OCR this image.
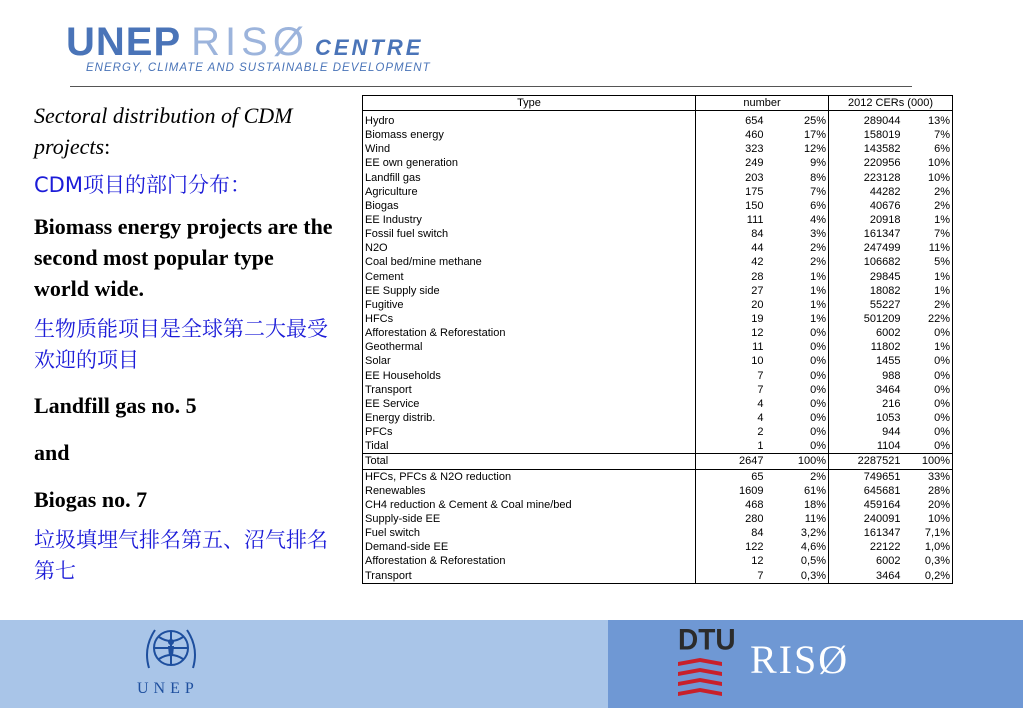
UNEP RISØ CENTRE
ENERGY, CLIMATE AND SUSTAINABLE DEVELOPMENT

Sectoral distribution of CDM projects:

CDM项目的部门分布：

Biomass energy projects are the second most popular type world wide.

生物质能项目是全球第二大最受欢迎的项目

Landfill gas no. 5

and

Biogas no. 7

垃圾填埋气排名第五、沼气排名第七

Type	number		2012 CERs (000)	
Hydro	654	25%	289044	13%
Biomass energy	460	17%	158019	7%
Wind	323	12%	143582	6%
EE own generation	249	9%	220956	10%
Landfill gas	203	8%	223128	10%
Agriculture	175	7%	44282	2%
Biogas	150	6%	40676	2%
EE Industry	111	4%	20918	1%
Fossil fuel switch	84	3%	161347	7%
N2O	44	2%	247499	11%
Coal bed/mine methane	42	2%	106682	5%
Cement	28	1%	29845	1%
EE Supply side	27	1%	18082	1%
Fugitive	20	1%	55227	2%
HFCs	19	1%	501209	22%
Afforestation & Reforestation	12	0%	6002	0%
Geothermal	11	0%	11802	1%
Solar	10	0%	1455	0%
EE Households	7	0%	988	0%
Transport	7	0%	3464	0%
EE Service	4	0%	216	0%
Energy distrib.	4	0%	1053	0%
PFCs	2	0%	944	0%
Tidal	1	0%	1104	0%
Total	2647	100%	2287521	100%
HFCs, PFCs & N2O reduction	65	2%	749651	33%
Renewables	1609	61%	645681	28%
CH4 reduction & Cement & Coal mine/bed	468	18%	459164	20%
Supply-side EE	280	11%	240091	10%
Fuel switch	84	3,2%	161347	7,1%
Demand-side EE	122	4,6%	22122	1,0%
Afforestation & Reforestation	12	0,5%	6002	0,3%
Transport	7	0,3%	3464	0,2%
UNEP
DTU RISØ
